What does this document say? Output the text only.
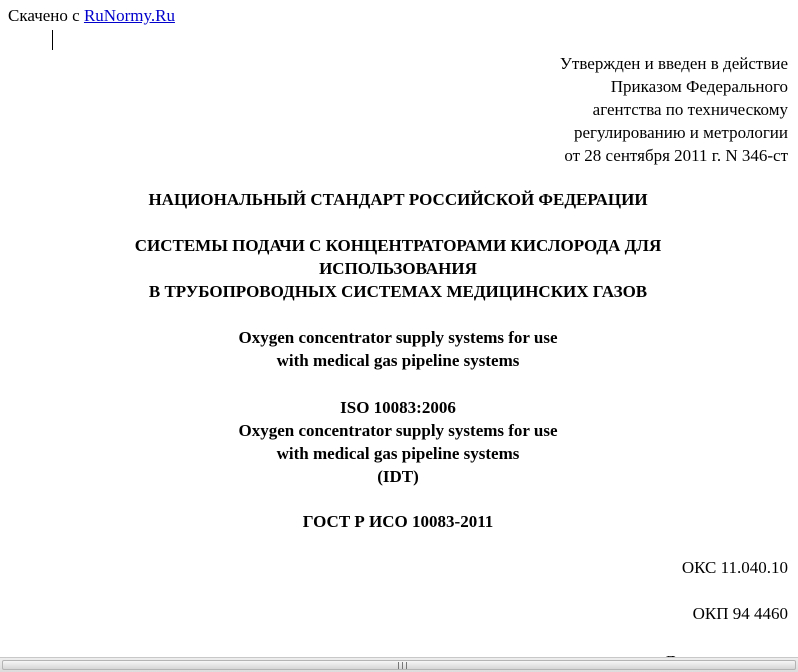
Скачено с RuNormy.Ru
Утвержден и введен в действие
Приказом Федерального
агентства по техническому
регулированию и метрологии
от 28 сентября 2011 г. N 346-ст
НАЦИОНАЛЬНЫЙ СТАНДАРТ РОССИЙСКОЙ ФЕДЕРАЦИИ
СИСТЕМЫ ПОДАЧИ С КОНЦЕНТРАТОРАМИ КИСЛОРОДА ДЛЯ
ИСПОЛЬЗОВАНИЯ
В ТРУБОПРОВОДНЫХ СИСТЕМАХ МЕДИЦИНСКИХ ГАЗОВ
Oxygen concentrator supply systems for use
with medical gas pipeline systems
ISO 10083:2006
Oxygen concentrator supply systems for use
with medical gas pipeline systems
(IDT)
ГОСТ Р ИСО 10083-2011
ОКС 11.040.10
ОКП 94 4460
